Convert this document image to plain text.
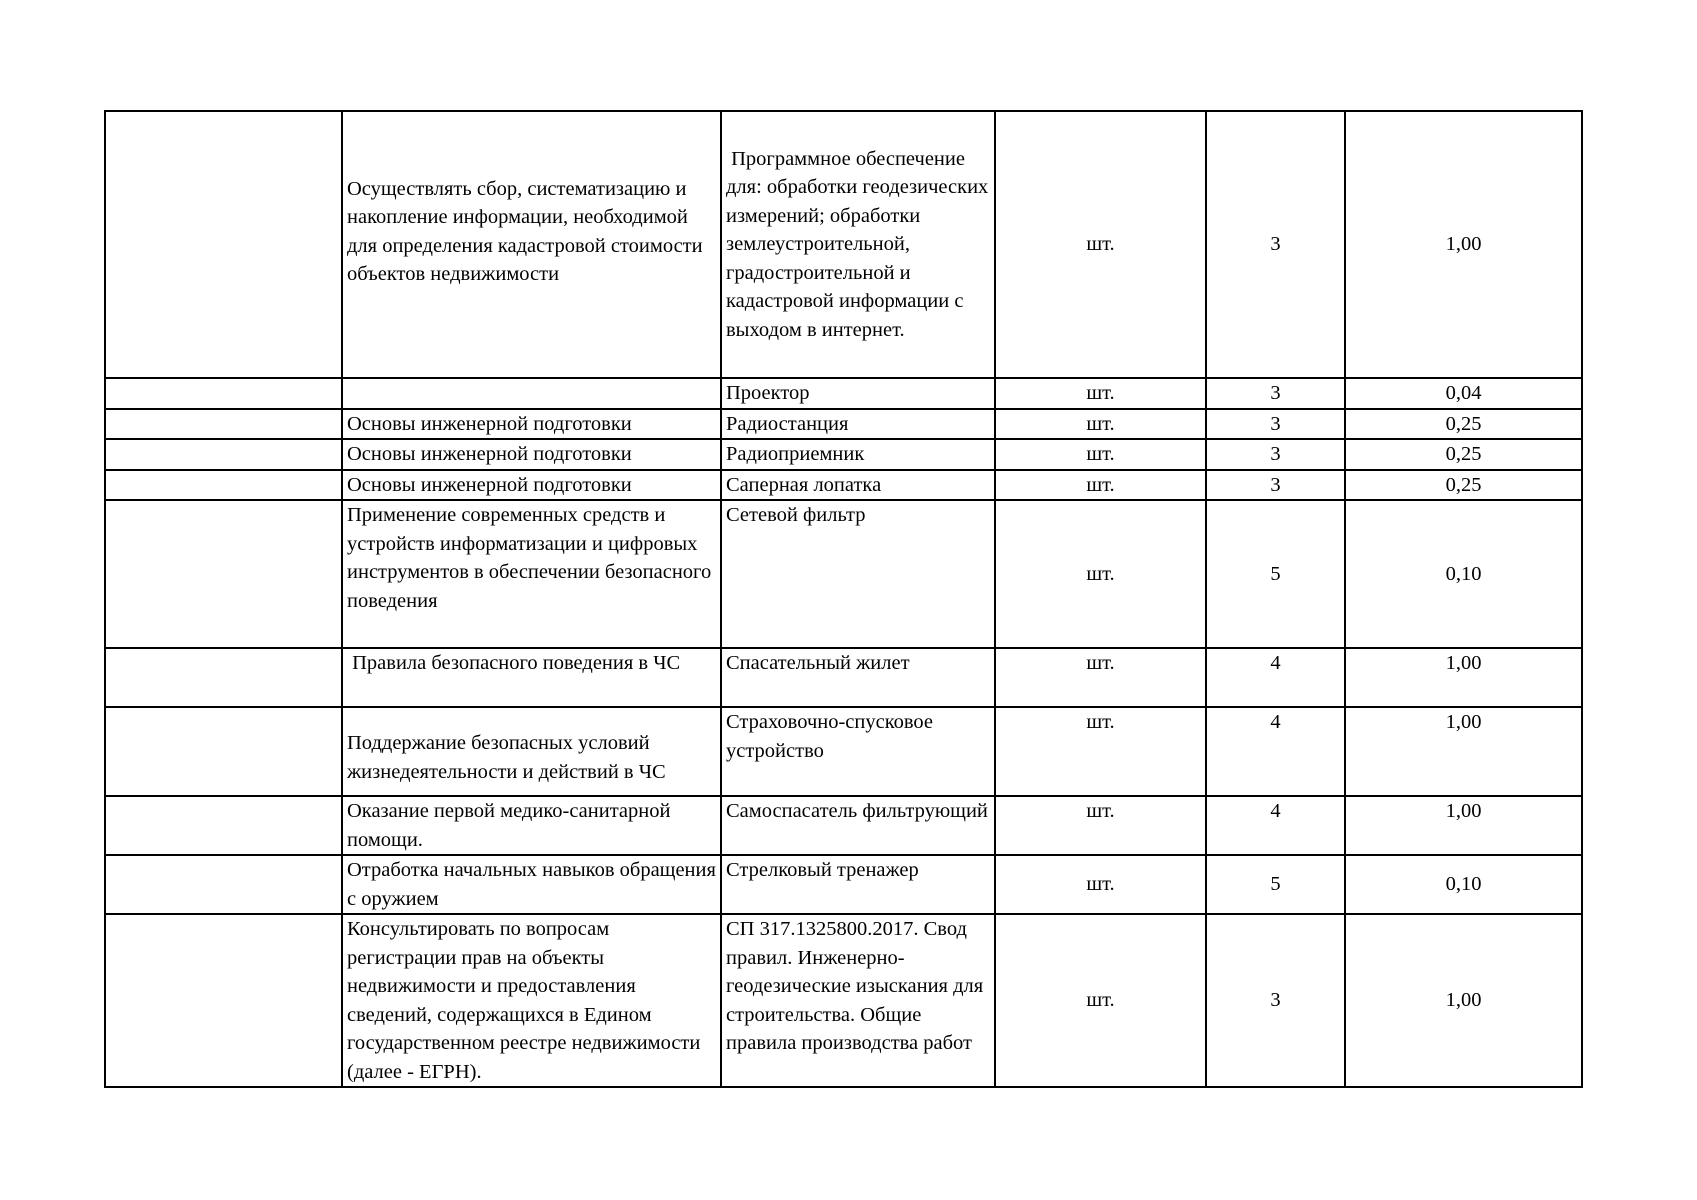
	Осуществлять сбор, систематизацию и накопление информации, необходимой для определения кадастровой стоимости объектов недвижимости	Программное обеспечение для: обработки геодезических измерений; обработки землеустроительной, градостроительной и кадастровой информации с выходом в интернет.	шт.	3	1,00
		Проектор	шт.	3	0,04
	Основы инженерной подготовки	Радиостанция	шт.	3	0,25
	Основы инженерной подготовки	Радиоприемник	шт.	3	0,25
	Основы инженерной подготовки	Саперная лопатка	шт.	3	0,25
	Применение современных средств и устройств информатизации и цифровых инструментов в обеспечении безопасного поведения	Сетевой фильтр	шт.	5	0,10
	Правила безопасного поведения в ЧС	Спасательный жилет	шт.	4	1,00
	Поддержание безопасных условий жизнедеятельности и действий в ЧС	Страховочно-спусковое устройство	шт.	4	1,00
	Оказание первой медико-санитарной помощи.	Самоспасатель фильтрующий	шт.	4	1,00
	Отработка начальных навыков обращения с оружием	Стрелковый тренажер	шт.	5	0,10
	Консультировать по вопросам регистрации прав на объекты недвижимости и предоставления сведений, содержащихся в Едином государственном реестре недвижимости (далее - ЕГРН).	СП 317.1325800.2017. Свод правил. Инженерно-геодезические изыскания для строительства. Общие правила производства работ	шт.	3	1,00
